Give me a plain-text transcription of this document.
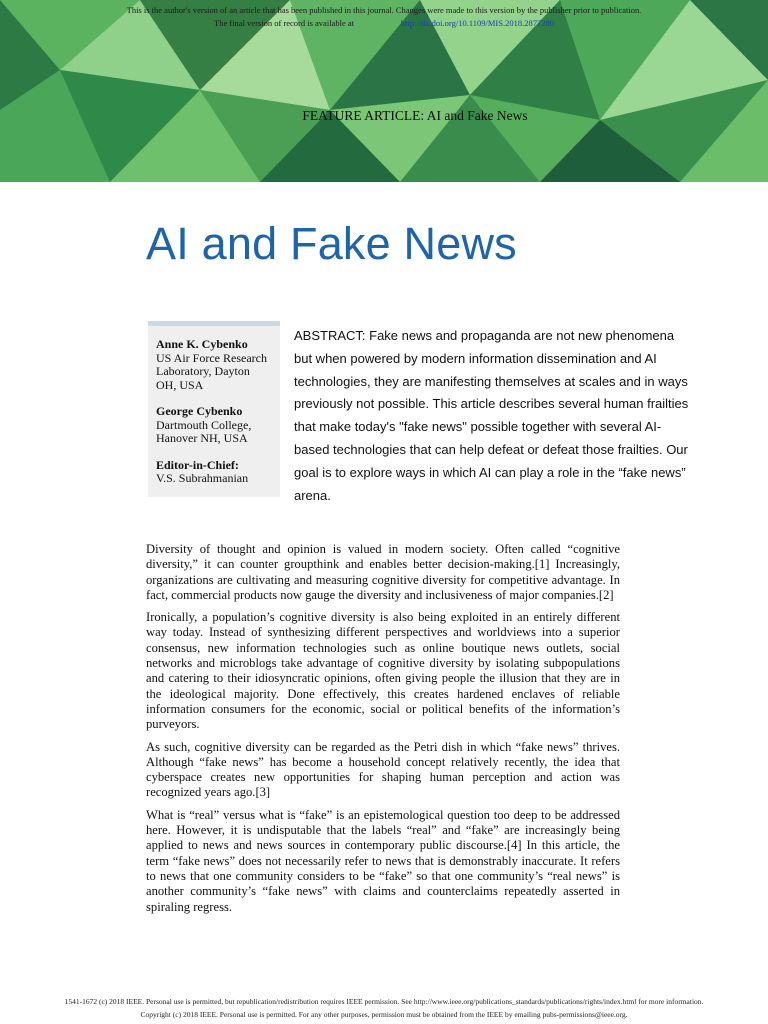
This is the author's version of an article that has been published in this journal. Changes were made to this version by the publisher prior to publication.
The final version of record is available at	http://dx.doi.org/10.1109/MIS.2018.2877280
FEATURE ARTICLE: AI and Fake News
AI and Fake News
Anne K. Cybenko
US Air Force Research
Laboratory, Dayton
OH, USA
George Cybenko
Dartmouth College,
Hanover NH, USA
Editor-in-Chief:
V.S. Subrahmanian
ABSTRACT: Fake news and propaganda are not new phenomena but when powered by modern information dissemination and AI technologies, they are manifesting themselves at scales and in ways previously not possible. This article describes several human frailties that make today's "fake news" possible together with several AI-based technologies that can help defeat or defeat those frailties. Our goal is to explore ways in which AI can play a role in the “fake news” arena.

Diversity of thought and opinion is valued in modern society. Often called “cognitive diversity,” it can counter groupthink and enables better decision-making.[1] Increasingly, organizations are cultivating and measuring cognitive diversity for competitive advantage. In fact, commercial products now gauge the diversity and inclusiveness of major companies.[2]

Ironically, a population’s cognitive diversity is also being exploited in an entirely different way today. Instead of synthesizing different perspectives and worldviews into a superior consensus, new information technologies such as online boutique news outlets, social networks and microblogs take advantage of cognitive diversity by isolating subpopulations and catering to their idiosyncratic opinions, often giving people the illusion that they are in the ideological majority. Done effectively, this creates hardened enclaves of reliable information consumers for the economic, social or political benefits of the information’s purveyors.

As such, cognitive diversity can be regarded as the Petri dish in which “fake news” thrives. Although “fake news” has become a household concept relatively recently, the idea that cyberspace creates new opportunities for shaping human perception and action was recognized years ago.[3]

What is “real” versus what is “fake” is an epistemological question too deep to be addressed here. However, it is undisputable that the labels “real” and “fake” are increasingly being applied to news and news sources in contemporary public discourse.[4] In this article, the term “fake news” does not necessarily refer to news that is demonstrably inaccurate. It refers to news that one community considers to be “fake” so that one community’s “real news” is another community’s “fake news” with claims and counterclaims repeatedly asserted in spiraling regress.

1541-1672 (c) 2018 IEEE. Personal use is permitted, but republication/redistribution requires IEEE permission. See http://www.ieee.org/publications_standards/publications/rights/index.html for more information.
Copyright (c) 2018 IEEE. Personal use is permitted. For any other purposes, permission must be obtained from the IEEE by emailing pubs-permissions@ieee.org.
